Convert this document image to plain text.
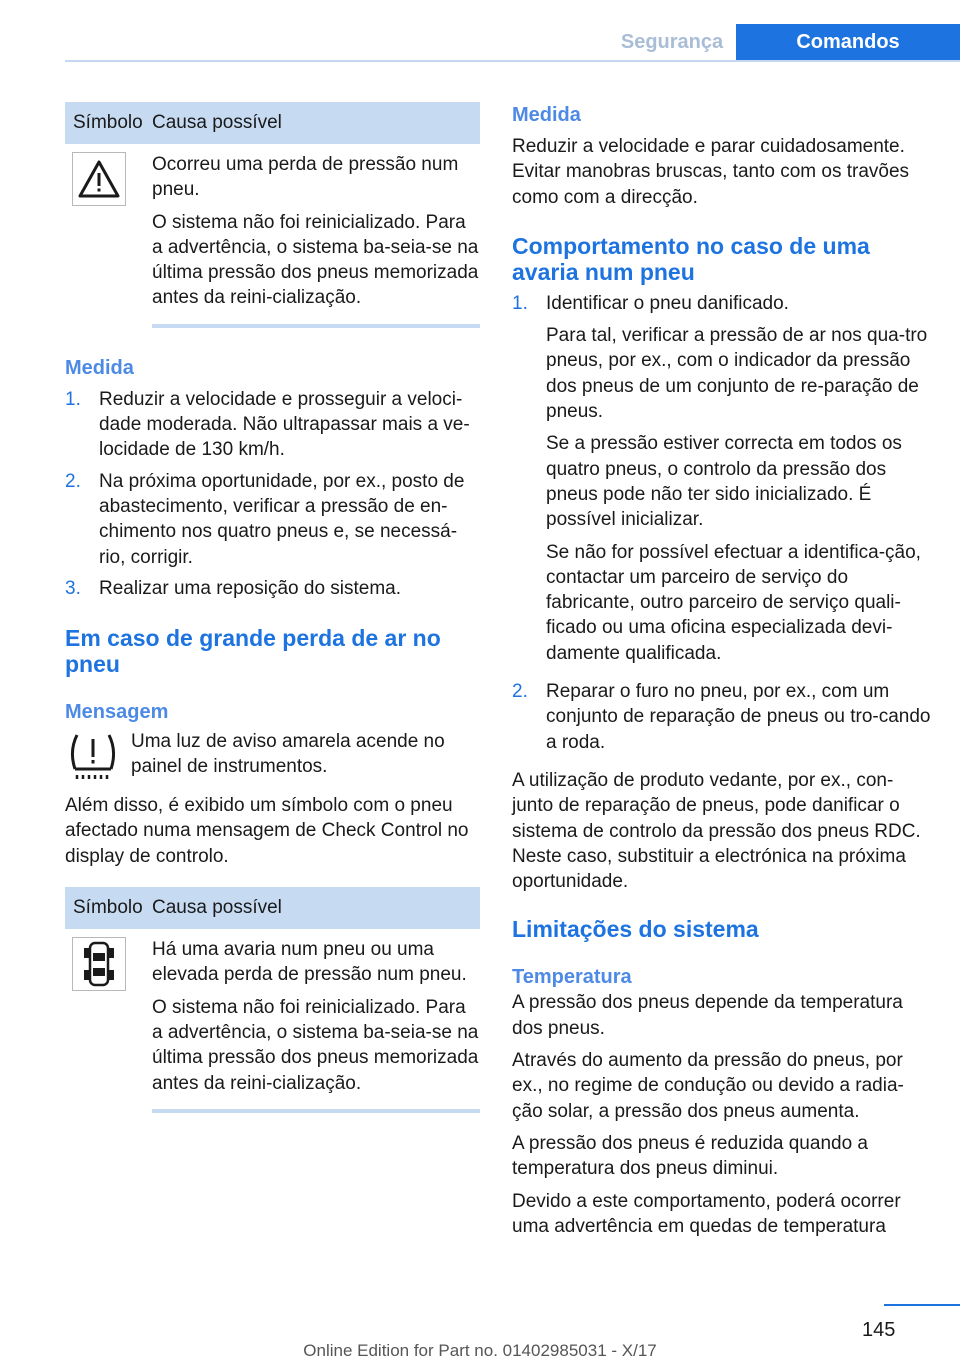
Segurança	Comandos
Símbolo Causa possível

Ocorreu uma perda de pressão num pneu.

O sistema não foi reinicializado. Para a advertência, o sistema ba-seia-se na última pressão dos pneus memorizada antes da reini-cialização.

Medida
1. Reduzir a velocidade e prosseguir a veloci-dade moderada. Não ultrapassar mais a ve-locidade de 130 km/h.
2. Na próxima oportunidade, por ex., posto de abastecimento, verificar a pressão de en-chimento nos quatro pneus e, se necessá-rio, corrigir.
3. Realizar uma reposição do sistema.
Em caso de grande perda de ar no pneu
Mensagem

Uma luz de aviso amarela acende no painel de instrumentos.

Além disso, é exibido um símbolo com o pneu afectado numa mensagem de Check Control no display de controlo.

Símbolo Causa possível

Há uma avaria num pneu ou uma elevada perda de pressão num pneu.

O sistema não foi reinicializado. Para a advertência, o sistema ba-seia-se na última pressão dos pneus memorizada antes da reini-cialização.

Medida

Reduzir a velocidade e parar cuidadosamente. Evitar manobras bruscas, tanto com os travões como com a direcção.

Comportamento no caso de uma avaria num pneu
1. Identificar o pneu danificado.

Para tal, verificar a pressão de ar nos qua-tro pneus, por ex., com o indicador da pressão dos pneus de um conjunto de re-paração de pneus.

Se a pressão estiver correcta em todos os quatro pneus, o controlo da pressão dos pneus pode não ter sido inicializado. É possível inicializar.

Se não for possível efectuar a identifica-ção, contactar um parceiro de serviço do fabricante, outro parceiro de serviço quali-ficado ou uma oficina especializada devi-damente qualificada.

2. Reparar o furo no pneu, por ex., com um conjunto de reparação de pneus ou tro-cando a roda.

A utilização de produto vedante, por ex., con-junto de reparação de pneus, pode danificar o sistema de controlo da pressão dos pneus RDC. Neste caso, substituir a electrónica na próxima oportunidade.

Limitações do sistema
Temperatura

A pressão dos pneus depende da temperatura dos pneus.

Através do aumento da pressão do pneus, por ex., no regime de condução ou devido a radia-ção solar, a pressão dos pneus aumenta.

A pressão dos pneus é reduzida quando a temperatura dos pneus diminui.

Devido a este comportamento, poderá ocorrer uma advertência em quedas de temperatura

145
Online Edition for Part no. 01402985031 - X/17
